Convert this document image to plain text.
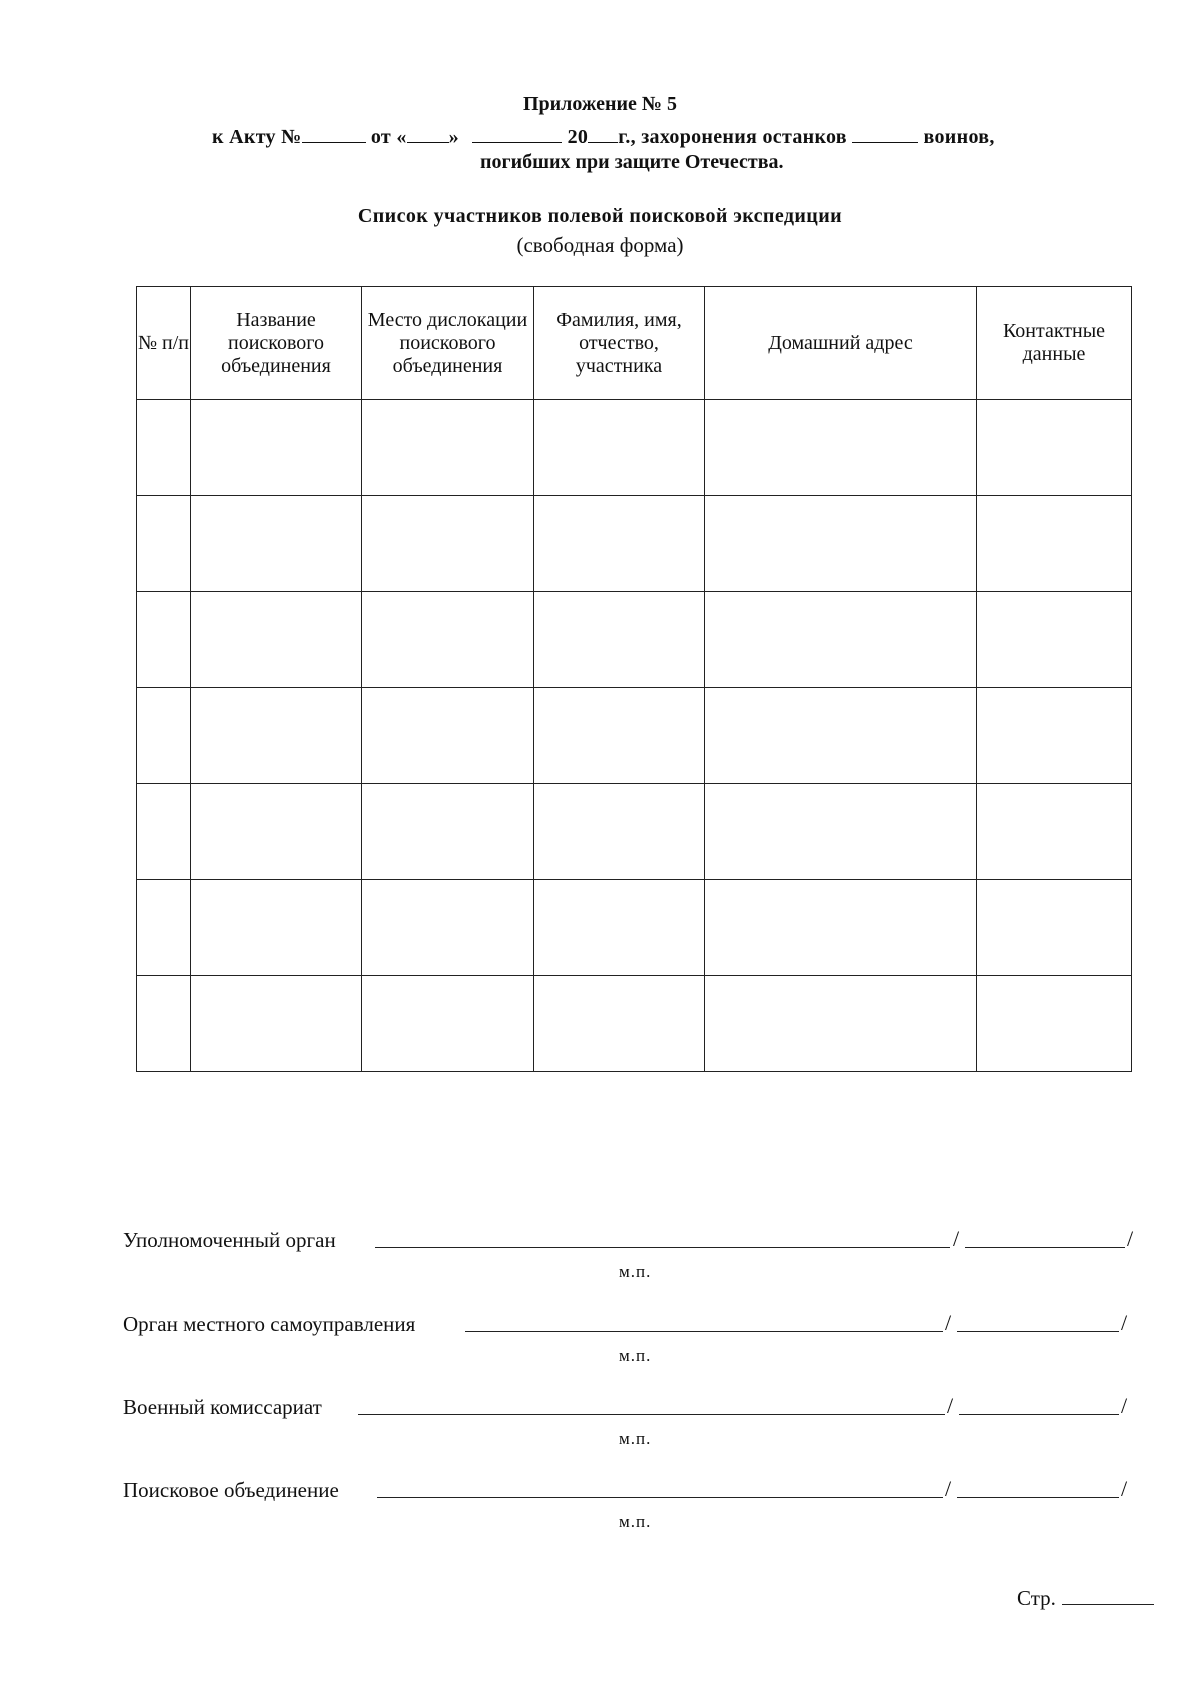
Приложение № 5
к Акту №	от « »	20 г., захоронения останков	воинов,
погибших при защите Отечества.
Список участников полевой поисковой экспедиции
(свободная форма)
№ п/п	Название поискового объединения	Место дислокации поискового объединения	Фамилия, имя, отчество, участника	Домашний адрес	Контактные данные

Уполномоченный орган	/	/
м.п.
Орган местного самоуправления	/	/
м.п.
Военный комиссариат	/	/
м.п.
Поисковое объединение	/	/
м.п.
Стр.
